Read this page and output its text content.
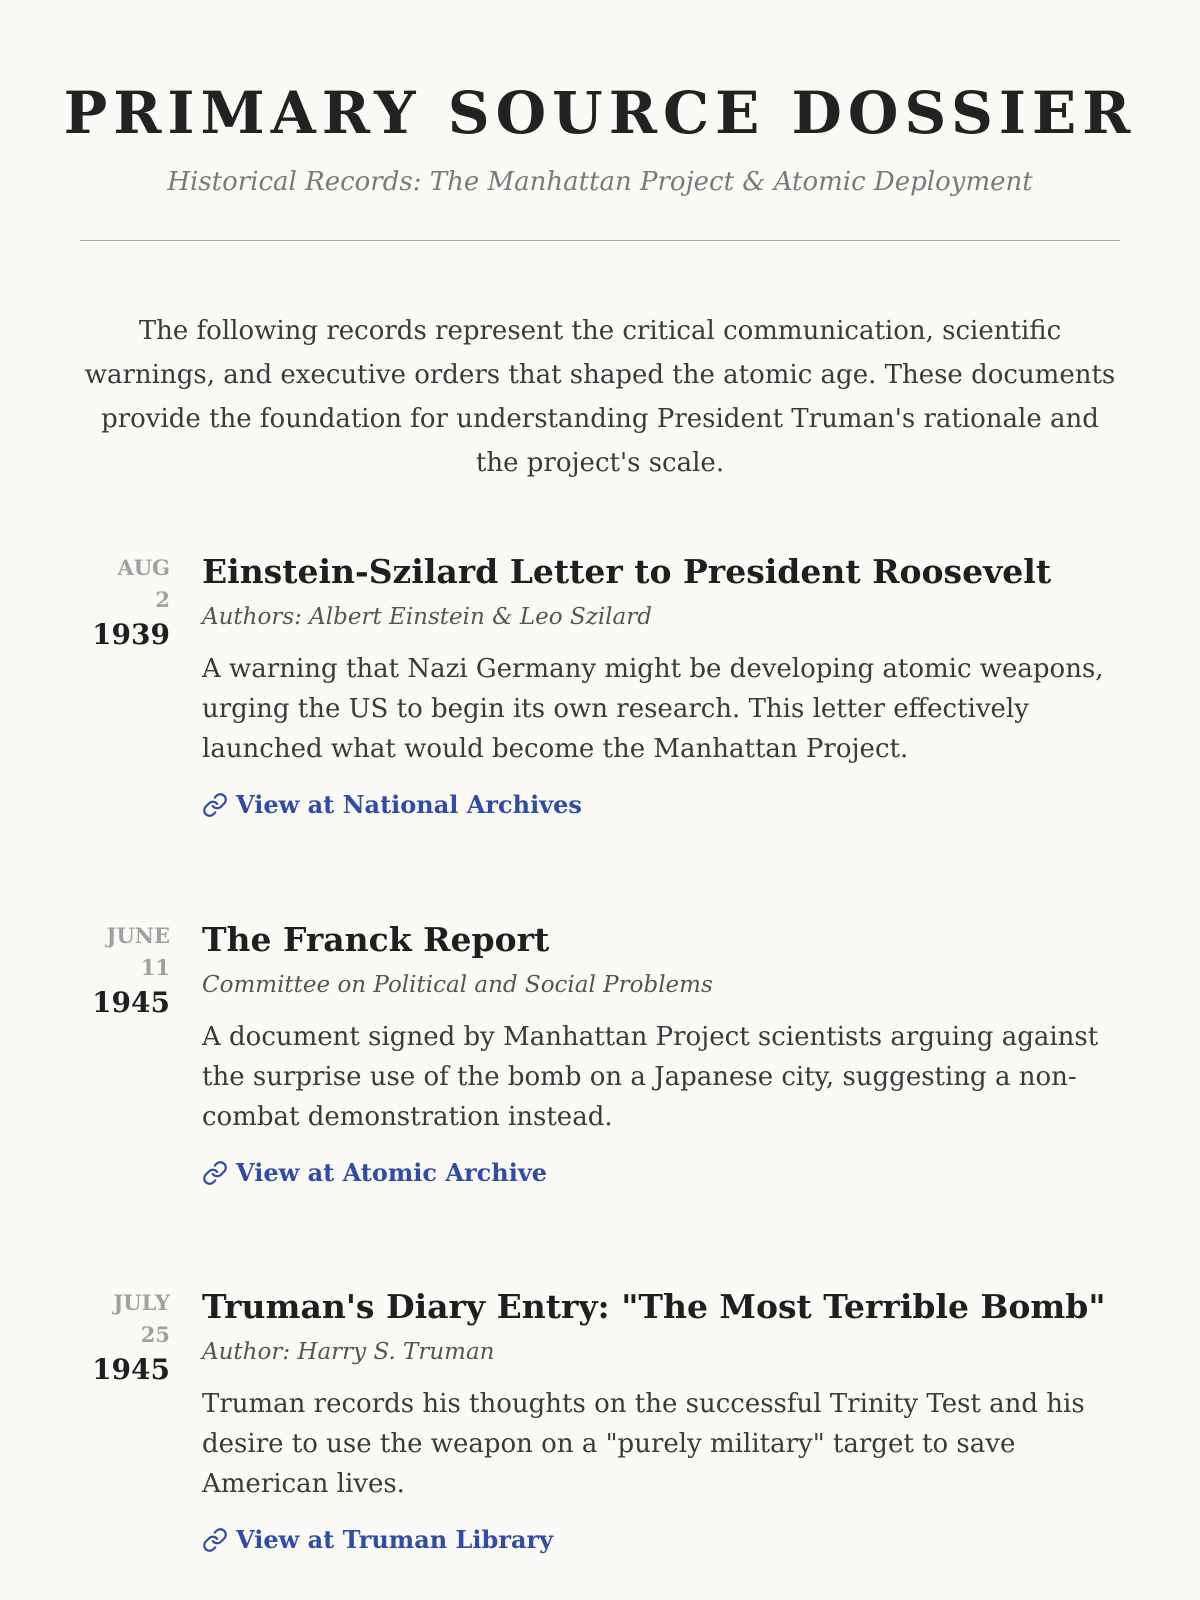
PRIMARY SOURCE DOSSIER
Historical Records: The Manhattan Project & Atomic Deployment
The following records represent the critical communication, scientific warnings, and executive orders that shaped the atomic age. These documents provide the foundation for understanding President Truman's rationale and the project's scale.
AUG
2
1939
Einstein-Szilard Letter to President Roosevelt
Authors: Albert Einstein & Leo Szilard
A warning that Nazi Germany might be developing atomic weapons, urging the US to begin its own research. This letter effectively launched what would become the Manhattan Project.
View at National Archives
JUNE
11
1945
The Franck Report
Committee on Political and Social Problems
A document signed by Manhattan Project scientists arguing against the surprise use of the bomb on a Japanese city, suggesting a non-combat demonstration instead.
View at Atomic Archive
JULY
25
1945
Truman's Diary Entry: "The Most Terrible Bomb"
Author: Harry S. Truman
Truman records his thoughts on the successful Trinity Test and his desire to use the weapon on a "purely military" target to save American lives.
View at Truman Library
